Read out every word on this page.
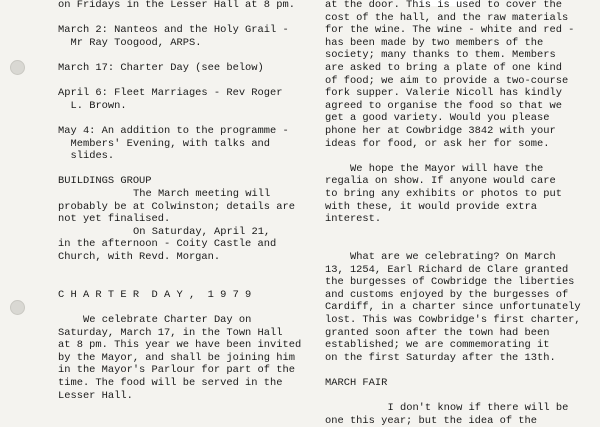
on Fridays in the Lesser Hall at 8 pm.
March 2: Nanteos and the Holy Grail -
Mr Ray Toogood, ARPS.
March 17: Charter Day (see below)
April 6: Fleet Marriages - Rev Roger
L. Brown.
May 4: An addition to the programme -
Members' Evening, with talks and
slides.
BUILDINGS GROUP
The March meeting will
probably be at Colwinston; details are
not yet finalised.
On Saturday, April 21,
in the afternoon - Coity Castle and
Church, with Revd. Morgan.
C H A R T E R  D A Y ,  1 9 7 9
We celebrate Charter Day on
Saturday, March 17, in the Town Hall
at 8 pm. This year we have been invited
by the Mayor, and shall be joining him
in the Mayor's Parlour for part of the
time. The food will be served in the
Lesser Hall.
at the door. This is used to cover the
cost of the hall, and the raw materials
for the wine. The wine - white and red -
has been made by two members of the
society; many thanks to them. Members
are asked to bring a plate of one kind
of food; we aim to provide a two-course
fork supper. Valerie Nicoll has kindly
agreed to organise the food so that we
get a good variety. Would you please
phone her at Cowbridge 3842 with your
ideas for food, or ask her for some.
We hope the Mayor will have the
regalia on show. If anyone would care
to bring any exhibits or photos to put
with these, it would provide extra
interest.
What are we celebrating? On March
13, 1254, Earl Richard de Clare granted
the burgesses of Cowbridge the liberties
and customs enjoyed by the burgesses of
Cardiff, in a charter since unfortunately
lost. This was Cowbridge's first charter,
granted soon after the town had been
established; we are commemorating it
on the first Saturday after the 13th.
MARCH FAIR
I don't know if there will be
one this year; but the idea of the
